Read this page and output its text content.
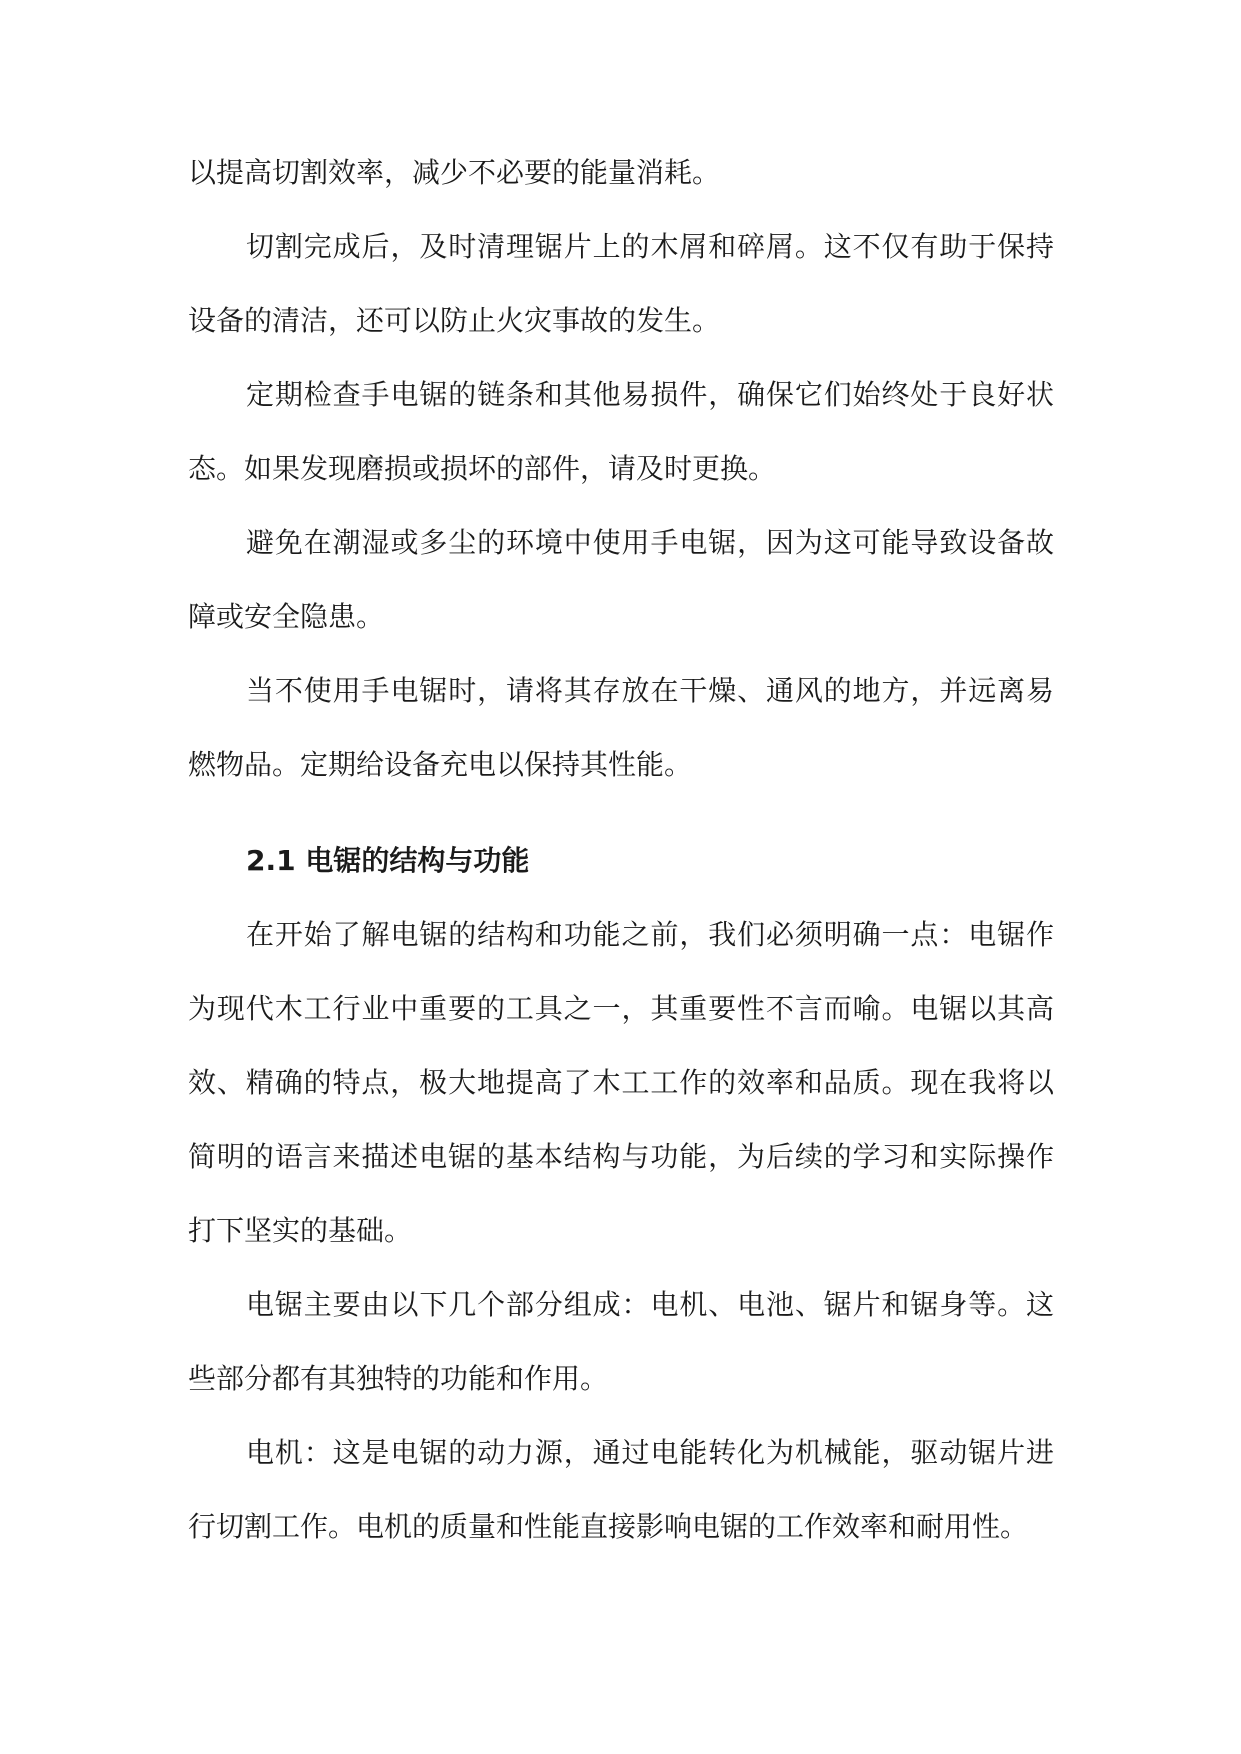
以提高切割效率，减少不必要的能量消耗。

切割完成后，及时清理锯片上的木屑和碎屑。这不仅有助于保持设备的清洁，还可以防止火灾事故的发生。

定期检查手电锯的链条和其他易损件，确保它们始终处于良好状态。如果发现磨损或损坏的部件，请及时更换。

避免在潮湿或多尘的环境中使用手电锯，因为这可能导致设备故障或安全隐患。

当不使用手电锯时，请将其存放在干燥、通风的地方，并远离易燃物品。定期给设备充电以保持其性能。

2.1 电锯的结构与功能

在开始了解电锯的结构和功能之前，我们必须明确一点：电锯作为现代木工行业中重要的工具之一，其重要性不言而喻。电锯以其高效、精确的特点，极大地提高了木工工作的效率和品质。现在我将以简明的语言来描述电锯的基本结构与功能，为后续的学习和实际操作打下坚实的基础。

电锯主要由以下几个部分组成：电机、电池、锯片和锯身等。这些部分都有其独特的功能和作用。

电机：这是电锯的动力源，通过电能转化为机械能，驱动锯片进行切割工作。电机的质量和性能直接影响电锯的工作效率和耐用性。
